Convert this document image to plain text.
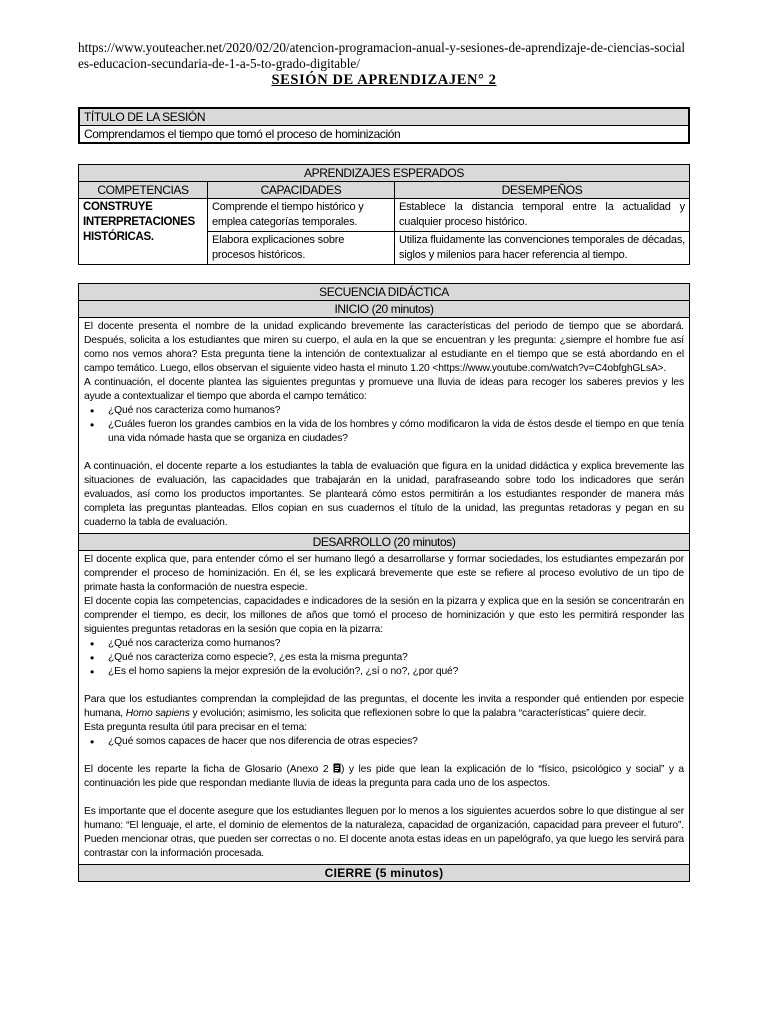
https://www.youteacher.net/2020/02/20/atencion-programacion-anual-y-sesiones-de-aprendizaje-de-ciencias-sociales-educacion-secundaria-de-1-a-5-to-grado-digitable/
SESIÓN DE APRENDIZAJEN° 2
TÍTULO DE LA SESIÓN
Comprendamos el tiempo que tomó el proceso de hominización
APRENDIZAJES ESPERADOS		
COMPETENCIAS	CAPACIDADES	DESEMPEÑOS
CONSTRUYE INTERPRETACIONES HISTÓRICAS.	Comprende el tiempo histórico y emplea categorías temporales.	Establece la distancia temporal entre la actualidad y cualquier proceso histórico.
	Elabora explicaciones sobre procesos históricos.	Utiliza fluidamente las convenciones temporales de décadas, siglos y milenios para hacer referencia al tiempo.
SECUENCIA DIDÁCTICA
INICIO (20 minutos)

El docente presenta el nombre de la unidad explicando brevemente las características del periodo de tiempo que se abordará. Después, solicita a los estudiantes que miren su cuerpo, el aula en la que se encuentran y les pregunta: ¿siempre el hombre fue así como nos vemos ahora? Esta pregunta tiene la intención de contextualizar al estudiante en el tiempo que se está abordando en el campo temático. Luego, ellos observan el siguiente video hasta el minuto 1.20 <https://www.youtube.com/watch?v=C4obfghGLsA>.

A continuación, el docente plantea las siguientes preguntas y promueve una lluvia de ideas para recoger los saberes previos y les ayude a contextualizar el tiempo que aborda el campo temático:

• ¿Qué nos caracteriza como humanos?
• ¿Cuáles fueron los grandes cambios en la vida de los hombres y cómo modificaron la vida de éstos desde el tiempo en que tenía una vida nómade hasta que se organiza en ciudades?

A continuación, el docente reparte a los estudiantes la tabla de evaluación que figura en la unidad didáctica y explica brevemente las situaciones de evaluación, las capacidades que trabajarán en la unidad, parafraseando sobre todo los indicadores que serán evaluados, así como los productos importantes. Se planteará cómo estos permitirán a los estudiantes responder de manera más completa las preguntas planteadas. Ellos copian en sus cuadernos el título de la unidad, las preguntas retadoras y pegan en su cuaderno la tabla de evaluación.

DESARROLLO (20 minutos)

El docente explica que, para entender cómo el ser humano llegó a desarrollarse y formar sociedades, los estudiantes empezarán por comprender el proceso de hominización. En él, se les explicará brevemente que este se refiere al proceso evolutivo de un tipo de primate hasta la conformación de nuestra especie.

El docente copia las competencias, capacidades e indicadores de la sesión en la pizarra y explica que en la sesión se concentrarán en comprender el tiempo, es decir, los millones de años que tomó el proceso de hominización y que esto les permitirá responder las siguientes preguntas retadoras en la sesión que copia en la pizarra:

• ¿Qué nos caracteriza como humanos?
• ¿Qué nos caracteriza como especie?, ¿es esta la misma pregunta?
• ¿Es el homo sapiens la mejor expresión de la evolución?, ¿sí o no?, ¿por qué?

Para que los estudiantes comprendan la complejidad de las preguntas, el docente les invita a responder qué entienden por especie humana, Homo sapiens y evolución; asimismo, les solicita que reflexionen sobre lo que la palabra “características” quiere decir.

Esta pregunta resulta útil para precisar en el tema:

• ¿Qué somos capaces de hacer que nos diferencia de otras especies?

El docente les reparte la ficha de Glosario (Anexo 2 ) y les pide que lean la explicación de lo “físico, psicológico y social” y a continuación les pide que respondan mediante lluvia de ideas la pregunta para cada uno de los aspectos.

Es importante que el docente asegure que los estudiantes lleguen por lo menos a los siguientes acuerdos sobre lo que distingue al ser humano: “El lenguaje, el arte, el dominio de elementos de la naturaleza, capacidad de organización, capacidad para preveer el futuro”. Pueden mencionar otras, que pueden ser correctas o no. El docente anota estas ideas en un papelógrafo, ya que luego les servirá para contrastar con la información procesada.

CIERRE (5 minutos)
